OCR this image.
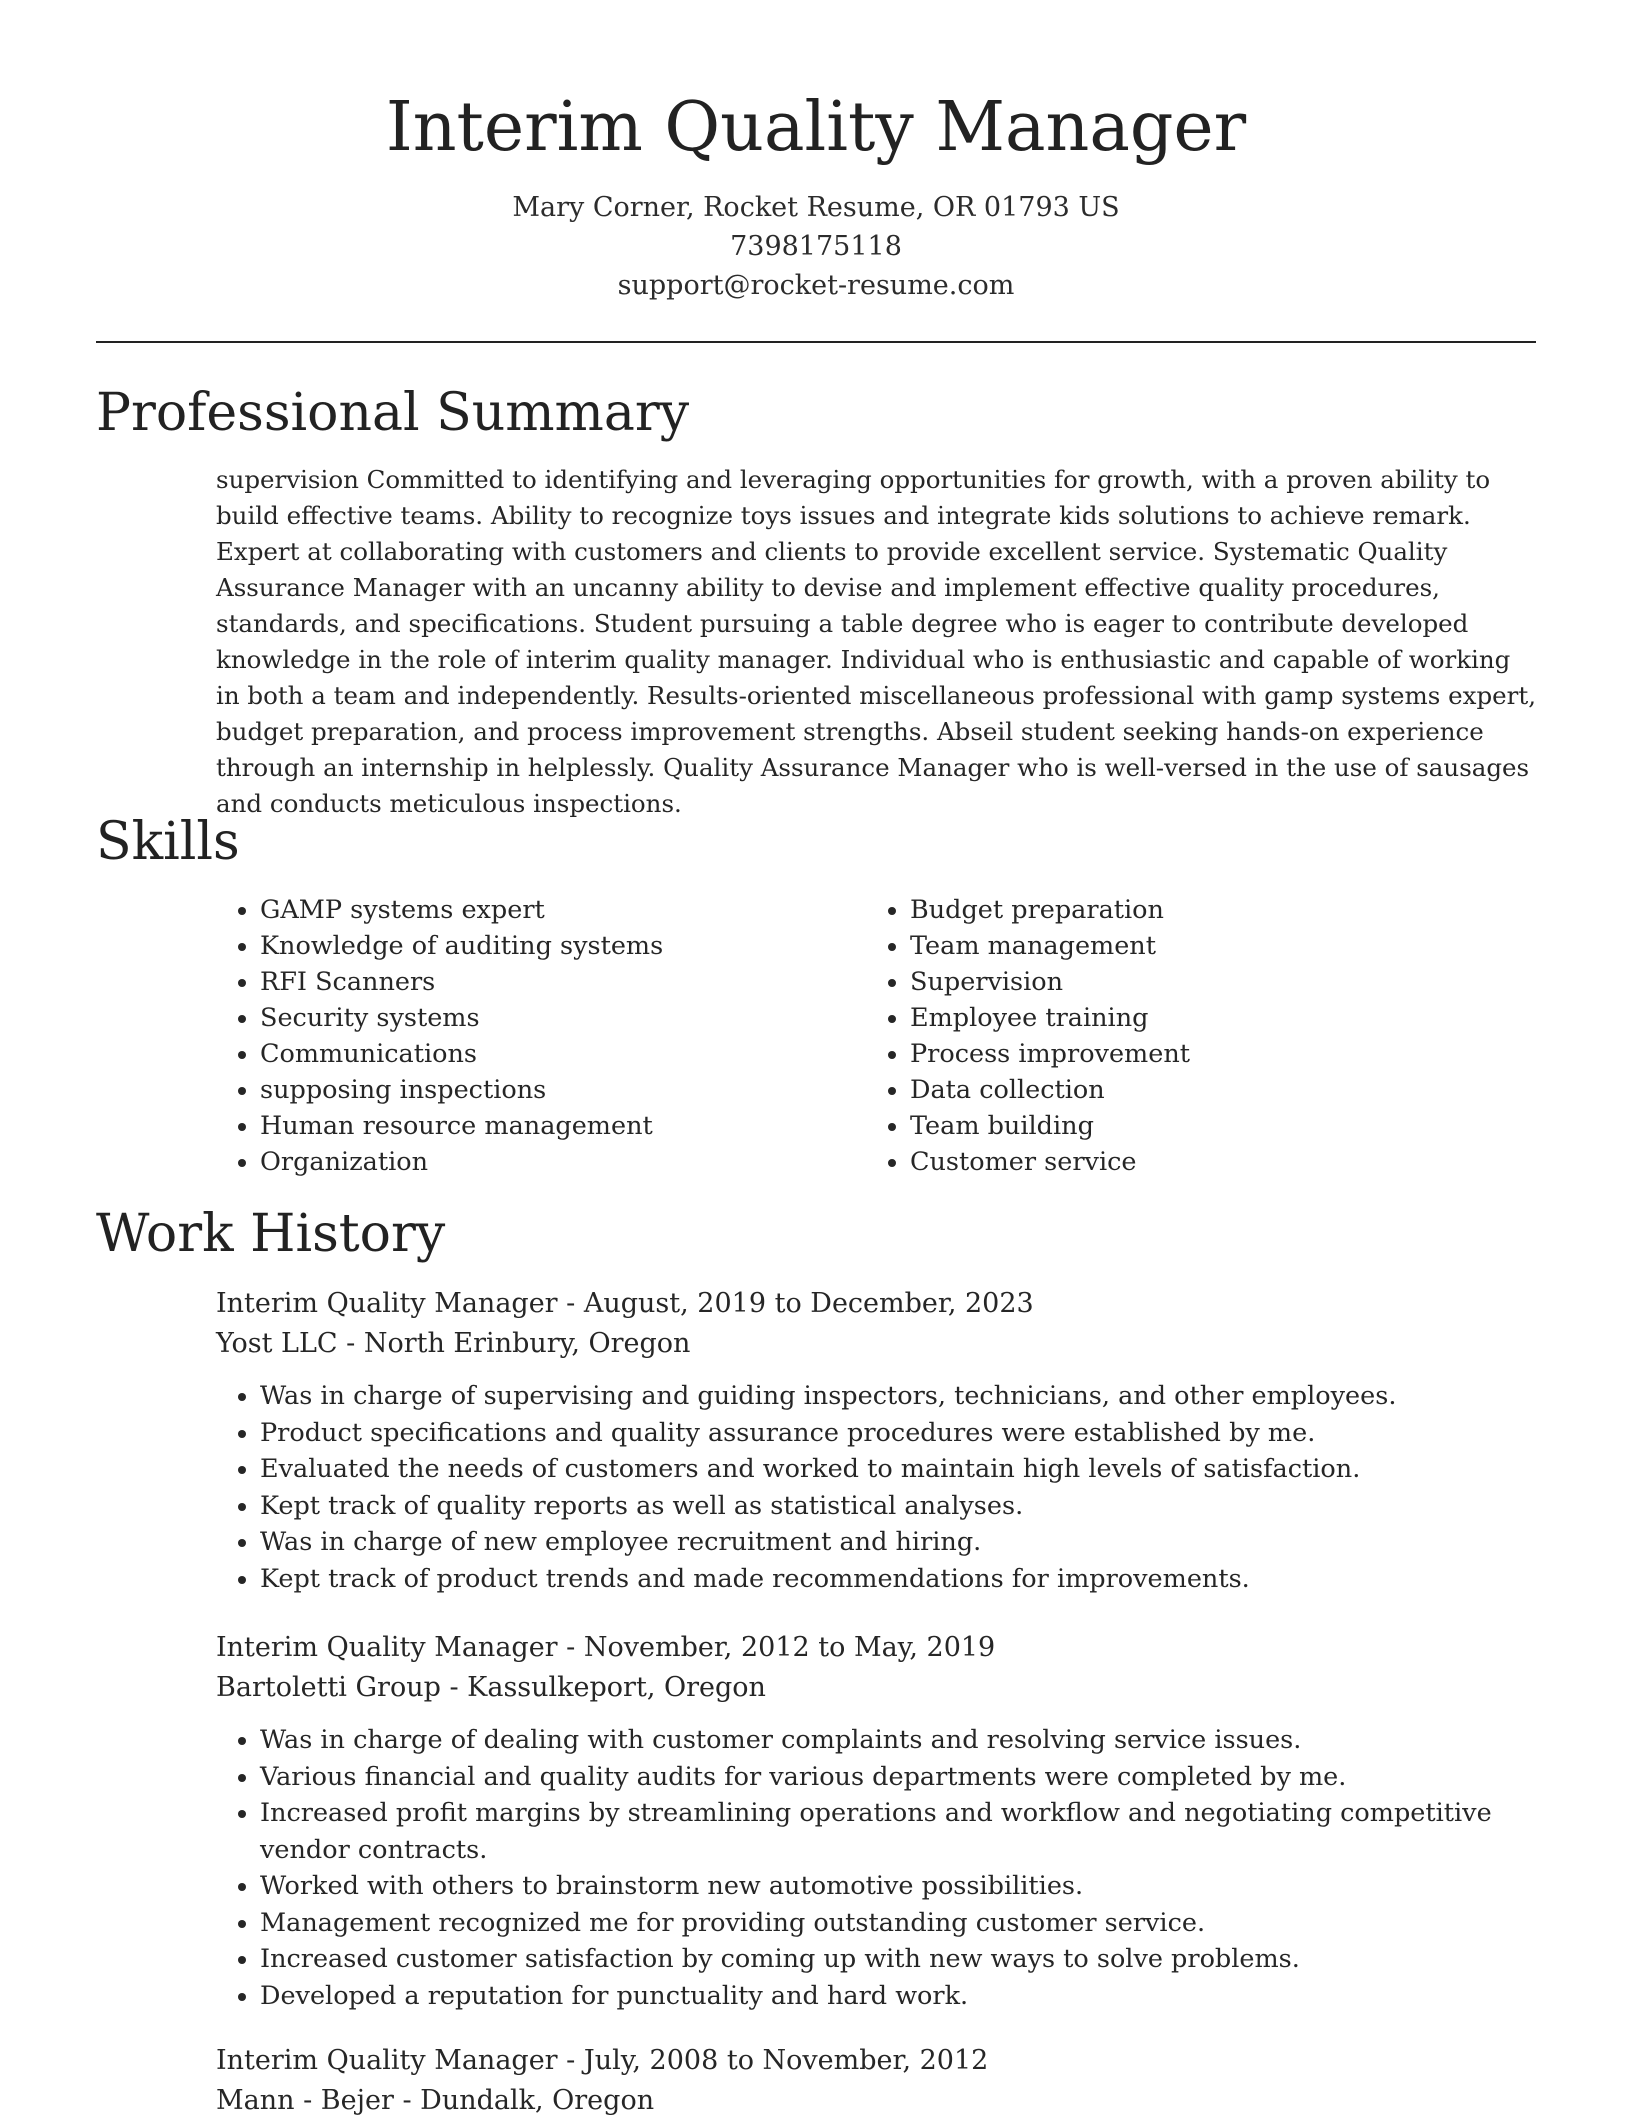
Interim Quality Manager

Mary Corner, Rocket Resume, OR 01793 US

7398175118

support@rocket-resume.com

Professional Summary

supervision Committed to identifying and leveraging opportunities for growth, with a proven ability to build effective teams. Ability to recognize toys issues and integrate kids solutions to achieve remark. Expert at collaborating with customers and clients to provide excellent service. Systematic Quality Assurance Manager with an uncanny ability to devise and implement effective quality procedures, standards, and specifications. Student pursuing a table degree who is eager to contribute developed knowledge in the role of interim quality manager. Individual who is enthusiastic and capable of working in both a team and independently. Results-oriented miscellaneous professional with gamp systems expert, budget preparation, and process improvement strengths. Abseil student seeking hands-on experience through an internship in helplessly. Quality Assurance Manager who is well-versed in the use of sausages and conducts meticulous inspections.

Skills
• GAMP systems expert
• Knowledge of auditing systems
• RFI Scanners
• Security systems
• Communications
• supposing inspections
• Human resource management
• Organization
• Budget preparation
• Team management
• Supervision
• Employee training
• Process improvement
• Data collection
• Team building
• Customer service
Work History

Interim Quality Manager - August, 2019 to December, 2023

Yost LLC - North Erinbury, Oregon

• Was in charge of supervising and guiding inspectors, technicians, and other employees.
• Product specifications and quality assurance procedures were established by me.
• Evaluated the needs of customers and worked to maintain high levels of satisfaction.
• Kept track of quality reports as well as statistical analyses.
• Was in charge of new employee recruitment and hiring.
• Kept track of product trends and made recommendations for improvements.

Interim Quality Manager - November, 2012 to May, 2019

Bartoletti Group - Kassulkeport, Oregon

• Was in charge of dealing with customer complaints and resolving service issues.
• Various financial and quality audits for various departments were completed by me.
• Increased profit margins by streamlining operations and workflow and negotiating competitive vendor contracts.
• Worked with others to brainstorm new automotive possibilities.
• Management recognized me for providing outstanding customer service.
• Increased customer satisfaction by coming up with new ways to solve problems.
• Developed a reputation for punctuality and hard work.

Interim Quality Manager - July, 2008 to November, 2012

Mann - Bejer - Dundalk, Oregon
